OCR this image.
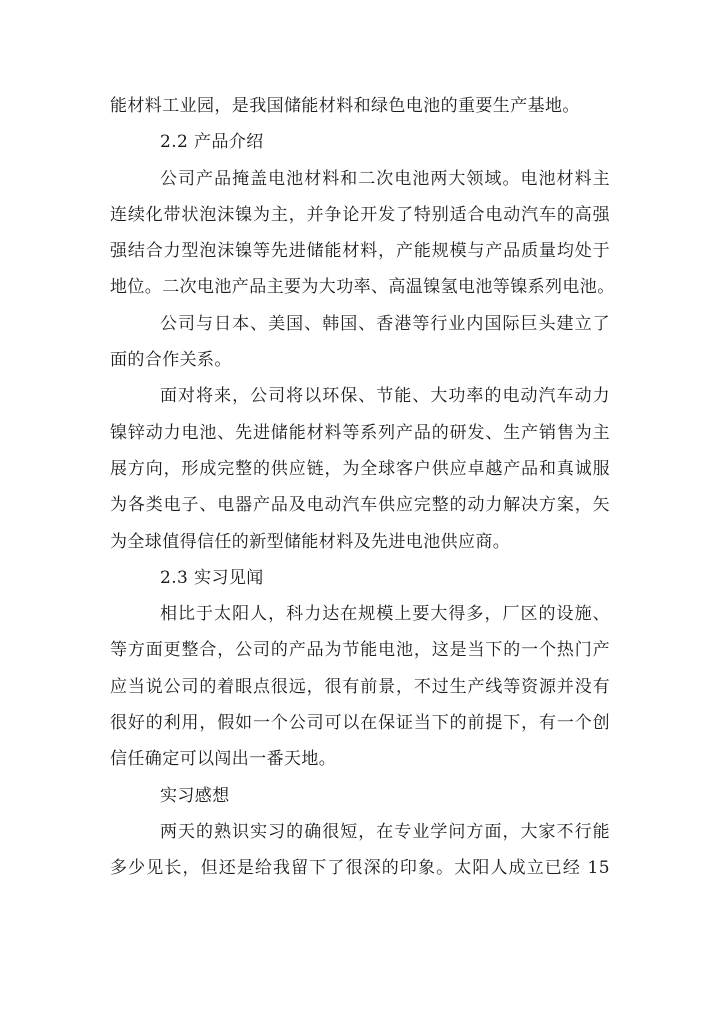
能材料工业园，是我国储能材料和绿色电池的重要生产基地。
2.2 产品介绍
公司产品掩盖电池材料和二次电池两大领域。电池材料主
连续化带状泡沫镍为主，并争论开发了特别适合电动汽车的高强
强结合力型泡沫镍等先进储能材料，产能规模与产品质量均处于
地位。二次电池产品主要为大功率、高温镍氢电池等镍系列电池。
公司与日本、美国、韩国、香港等行业内国际巨头建立了
面的合作关系。
面对将来，公司将以环保、节能、大功率的电动汽车动力
镍锌动力电池、先进储能材料等系列产品的研发、生产销售为主
展方向，形成完整的供应链，为全球客户供应卓越产品和真诚服
为各类电子、电器产品及电动汽车供应完整的动力解决方案，矢
为全球值得信任的新型储能材料及先进电池供应商。
2.3 实习见闻
相比于太阳人，科力达在规模上要大得多，厂区的设施、
等方面更整合，公司的产品为节能电池，这是当下的一个热门产
应当说公司的着眼点很远，很有前景，不过生产线等资源并没有
很好的利用，假如一个公司可以在保证当下的前提下，有一个创
信任确定可以闯出一番天地。
实习感想
两天的熟识实习的确很短，在专业学问方面，大家不行能
多少见长，但还是给我留下了很深的印象。太阳人成立已经 15
